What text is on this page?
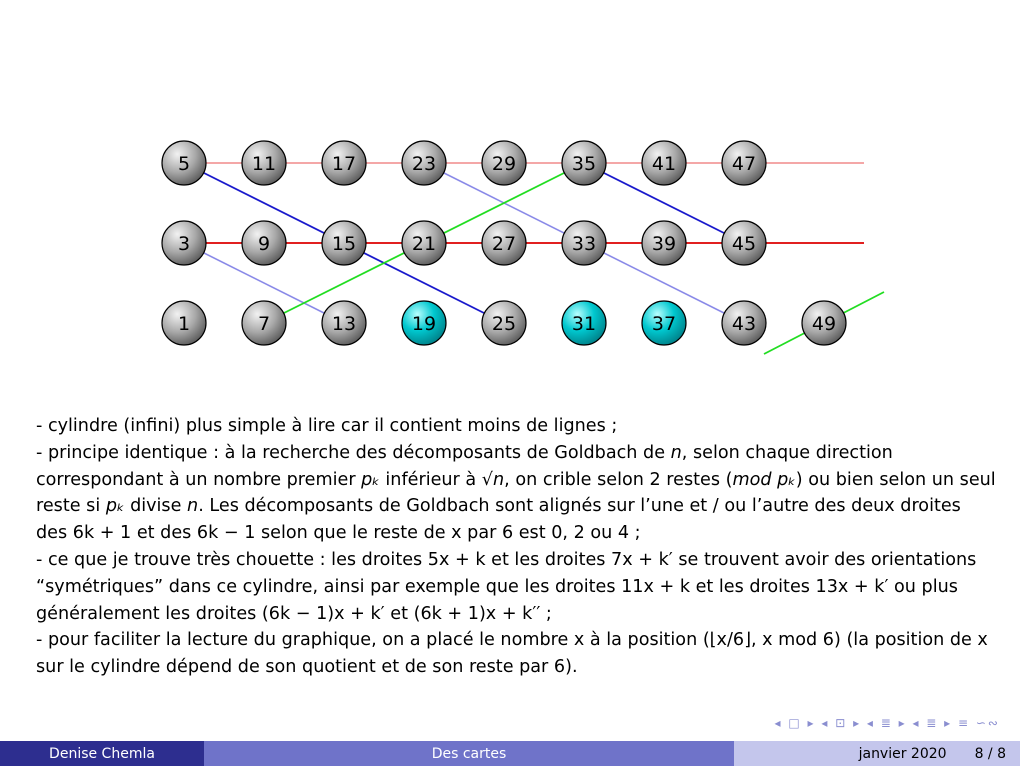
5	11	17	23	29	35	41	47
3	9	15	21	27	33	39	45
1	7	13	19	25	31	37	43	49

- cylindre (infini) plus simple à lire car il contient moins de lignes ;

- principe identique : à la recherche des décomposants de Goldbach de n, selon chaque direction correspondant à un nombre premier pₖ inférieur à √n, on crible selon 2 restes (mod pₖ) ou bien selon un seul reste si pₖ divise n. Les décomposants de Goldbach sont alignés sur l’une et / ou l’autre des deux droites des 6k + 1 et des 6k − 1 selon que le reste de x par 6 est 0, 2 ou 4 ;

- ce que je trouve très chouette : les droites 5x + k et les droites 7x + k′ se trouvent avoir des orientations “symétriques” dans ce cylindre, ainsi par exemple que les droites 11x + k et les droites 13x + k′ ou plus généralement les droites (6k − 1)x + k′ et (6k + 1)x + k′′ ;

- pour faciliter la lecture du graphique, on a placé le nombre x à la position (⌊x/6⌋, x mod 6) (la position de x sur le cylindre dépend de son quotient et de son reste par 6).

◂ □ ▸ ◂ ⊡ ▸ ◂ ≣ ▸ ◂ ≣ ▸ ≡ ∽∾
Denise Chemla	Des cartes	janvier 2020 8 / 8
